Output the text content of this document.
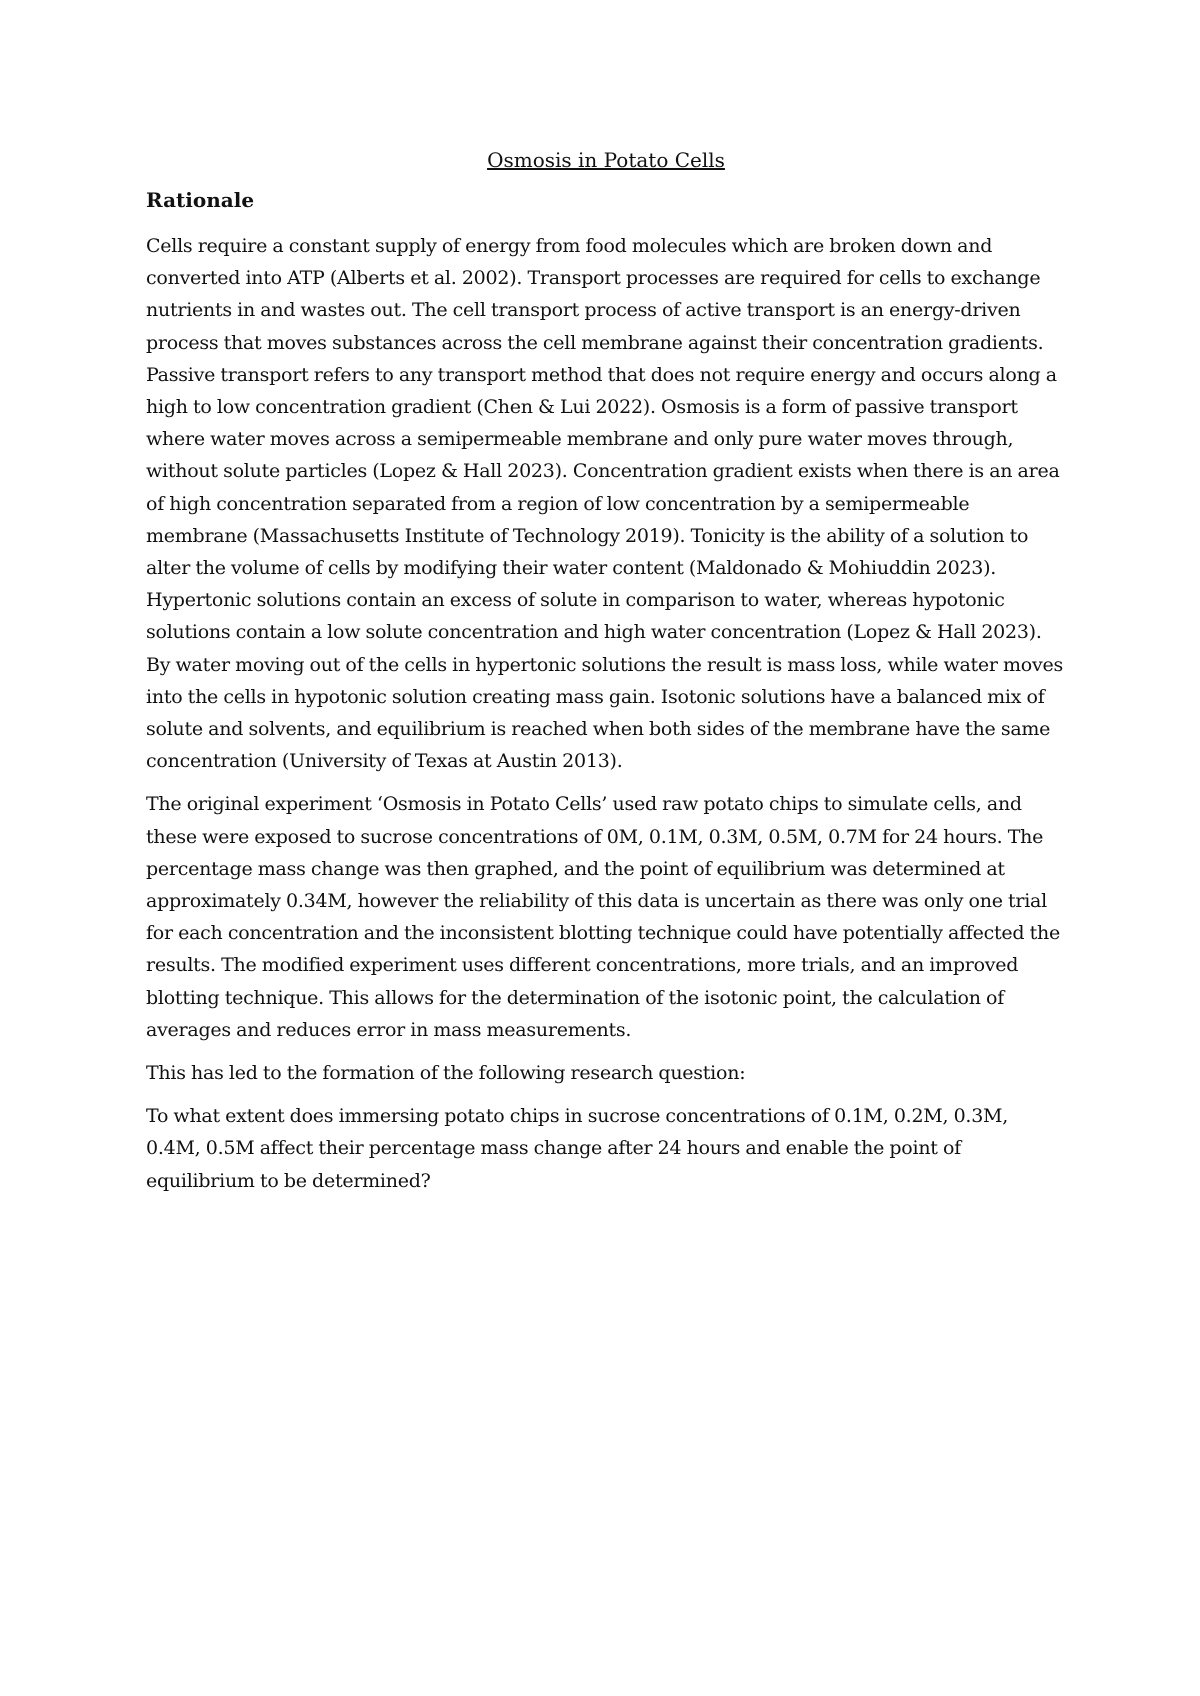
Osmosis in Potato Cells
Rationale

Cells require a constant supply of energy from food molecules which are broken down and converted into ATP (Alberts et al. 2002). Transport processes are required for cells to exchange nutrients in and wastes out. The cell transport process of active transport is an energy-driven process that moves substances across the cell membrane against their concentration gradients. Passive transport refers to any transport method that does not require energy and occurs along a high to low concentration gradient (Chen & Lui 2022). Osmosis is a form of passive transport where water moves across a semipermeable membrane and only pure water moves through, without solute particles (Lopez & Hall 2023). Concentration gradient exists when there is an area of high concentration separated from a region of low concentration by a semipermeable membrane (Massachusetts Institute of Technology 2019). Tonicity is the ability of a solution to alter the volume of cells by modifying their water content (Maldonado & Mohiuddin 2023). Hypertonic solutions contain an excess of solute in comparison to water, whereas hypotonic solutions contain a low solute concentration and high water concentration (Lopez & Hall 2023). By water moving out of the cells in hypertonic solutions the result is mass loss, while water moves into the cells in hypotonic solution creating mass gain. Isotonic solutions have a balanced mix of solute and solvents, and equilibrium is reached when both sides of the membrane have the same concentration (University of Texas at Austin 2013).

The original experiment ‘Osmosis in Potato Cells’ used raw potato chips to simulate cells, and these were exposed to sucrose concentrations of 0M, 0.1M, 0.3M, 0.5M, 0.7M for 24 hours. The percentage mass change was then graphed, and the point of equilibrium was determined at approximately 0.34M, however the reliability of this data is uncertain as there was only one trial for each concentration and the inconsistent blotting technique could have potentially affected the results. The modified experiment uses different concentrations, more trials, and an improved blotting technique. This allows for the determination of the isotonic point, the calculation of averages and reduces error in mass measurements.

This has led to the formation of the following research question:

To what extent does immersing potato chips in sucrose concentrations of 0.1M, 0.2M, 0.3M, 0.4M, 0.5M affect their percentage mass change after 24 hours and enable the point of equilibrium to be determined?
